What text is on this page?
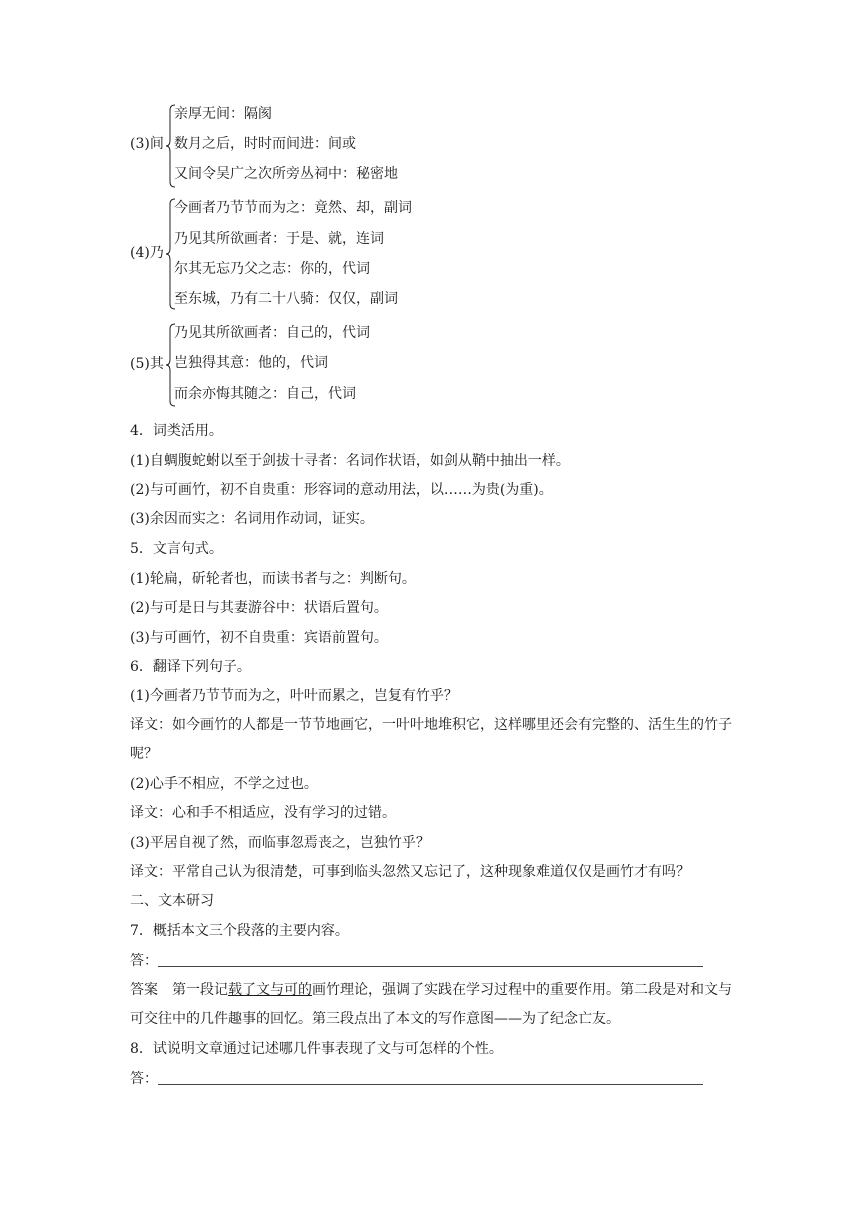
(3)间
亲厚无间：隔阂
数月之后，时时而间进：间或
又间令吴广之次所旁丛祠中：秘密地
(4)乃
今画者乃节节而为之：竟然、却，副词
乃见其所欲画者：于是、就，连词
尔其无忘乃父之志：你的，代词
至东城，乃有二十八骑：仅仅，副词
(5)其
乃见其所欲画者：自己的，代词
岂独得其意：他的，代词
而余亦悔其随之：自己，代词
4．词类活用。
(1)自蜩腹蛇蚹以至于剑拔十寻者：名词作状语，如剑从鞘中抽出一样。
(2)与可画竹，初不自贵重：形容词的意动用法，以……为贵(为重)。
(3)余因而实之：名词用作动词，证实。
5．文言句式。
(1)轮扁，斫轮者也，而读书者与之：判断句。
(2)与可是日与其妻游谷中：状语后置句。
(3)与可画竹，初不自贵重：宾语前置句。
6．翻译下列句子。
(1)今画者乃节节而为之，叶叶而累之，岂复有竹乎？
译文：如今画竹的人都是一节节地画它，一叶叶地堆积它，这样哪里还会有完整的、活生生的竹子呢？
(2)心手不相应，不学之过也。
译文：心和手不相适应，没有学习的过错。
(3)平居自视了然，而临事忽焉丧之，岂独竹乎？
译文：平常自己认为很清楚，可事到临头忽然又忘记了，这种现象难道仅仅是画竹才有吗？
二、文本研习
7．概括本文三个段落的主要内容。
答：
答案　第一段记载了文与可的画竹理论，强调了实践在学习过程中的重要作用。第二段是对和文与可交往中的几件趣事的回忆。第三段点出了本文的写作意图——为了纪念亡友。
8．试说明文章通过记述哪几件事表现了文与可怎样的个性。
答：
